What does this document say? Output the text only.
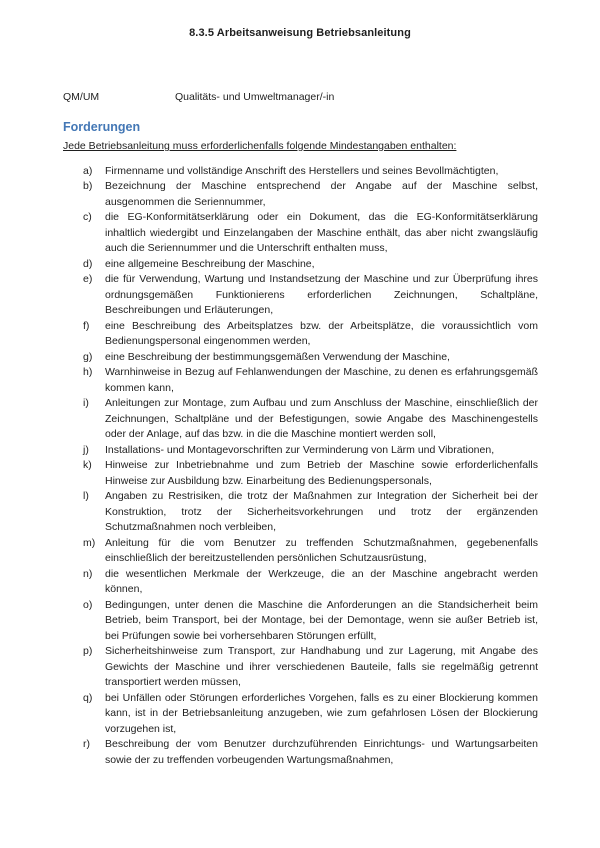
8.3.5 Arbeitsanweisung Betriebsanleitung
QM/UM	Qualitäts- und Umweltmanager/-in
Forderungen
Jede Betriebsanleitung muss erforderlichenfalls folgende Mindestangaben enthalten:
a)	Firmenname und vollständige Anschrift des Herstellers und seines Bevollmächtigten,
b)	Bezeichnung der Maschine entsprechend der Angabe auf der Maschine selbst, ausgenommen die Seriennummer,
c)	die EG-Konformitätserklärung oder ein Dokument, das die EG-Konformitätserklärung inhaltlich wiedergibt und Einzelangaben der Maschine enthält, das aber nicht zwangsläufig auch die Seriennummer und die Unterschrift enthalten muss,
d)	eine allgemeine Beschreibung der Maschine,
e)	die für Verwendung, Wartung und Instandsetzung der Maschine und zur Überprüfung ihres ordnungsgemäßen Funktionierens erforderlichen Zeichnungen, Schaltpläne, Beschreibungen und Erläuterungen,
f)	eine Beschreibung des Arbeitsplatzes bzw. der Arbeitsplätze, die voraussichtlich vom Bedienungspersonal eingenommen werden,
g)	eine Beschreibung der bestimmungsgemäßen Verwendung der Maschine,
h)	Warnhinweise in Bezug auf Fehlanwendungen der Maschine, zu denen es erfahrungsgemäß kommen kann,
i)	Anleitungen zur Montage, zum Aufbau und zum Anschluss der Maschine, einschließlich der Zeichnungen, Schaltpläne und der Befestigungen, sowie Angabe des Maschinengestells oder der Anlage, auf das bzw. in die die Maschine montiert werden soll,
j)	Installations- und Montagevorschriften zur Verminderung von Lärm und Vibrationen,
k)	Hinweise zur Inbetriebnahme und zum Betrieb der Maschine sowie erforderlichenfalls Hinweise zur Ausbildung bzw. Einarbeitung des Bedienungspersonals,
l)	Angaben zu Restrisiken, die trotz der Maßnahmen zur Integration der Sicherheit bei der Konstruktion, trotz der Sicherheitsvorkehrungen und trotz der ergänzenden Schutzmaßnahmen noch verbleiben,
m) Anleitung für die vom Benutzer zu treffenden Schutzmaßnahmen, gegebenenfalls einschließlich der bereitzustellenden persönlichen Schutzausrüstung,
n)	die wesentlichen Merkmale der Werkzeuge, die an der Maschine angebracht werden können,
o)	Bedingungen, unter denen die Maschine die Anforderungen an die Standsicherheit beim Betrieb, beim Transport, bei der Montage, bei der Demontage, wenn sie außer Betrieb ist, bei Prüfungen sowie bei vorhersehbaren Störungen erfüllt,
p)	Sicherheitshinweise zum Transport, zur Handhabung und zur Lagerung, mit Angabe des Gewichts der Maschine und ihrer verschiedenen Bauteile, falls sie regelmäßig getrennt transportiert werden müssen,
q)	bei Unfällen oder Störungen erforderliches Vorgehen, falls es zu einer Blockierung kommen kann, ist in der Betriebsanleitung anzugeben, wie zum gefahrlosen Lösen der Blockierung vorzugehen ist,
r)	Beschreibung der vom Benutzer durchzuführenden Einrichtungs- und Wartungsarbeiten sowie der zu treffenden vorbeugenden Wartungsmaßnahmen,
